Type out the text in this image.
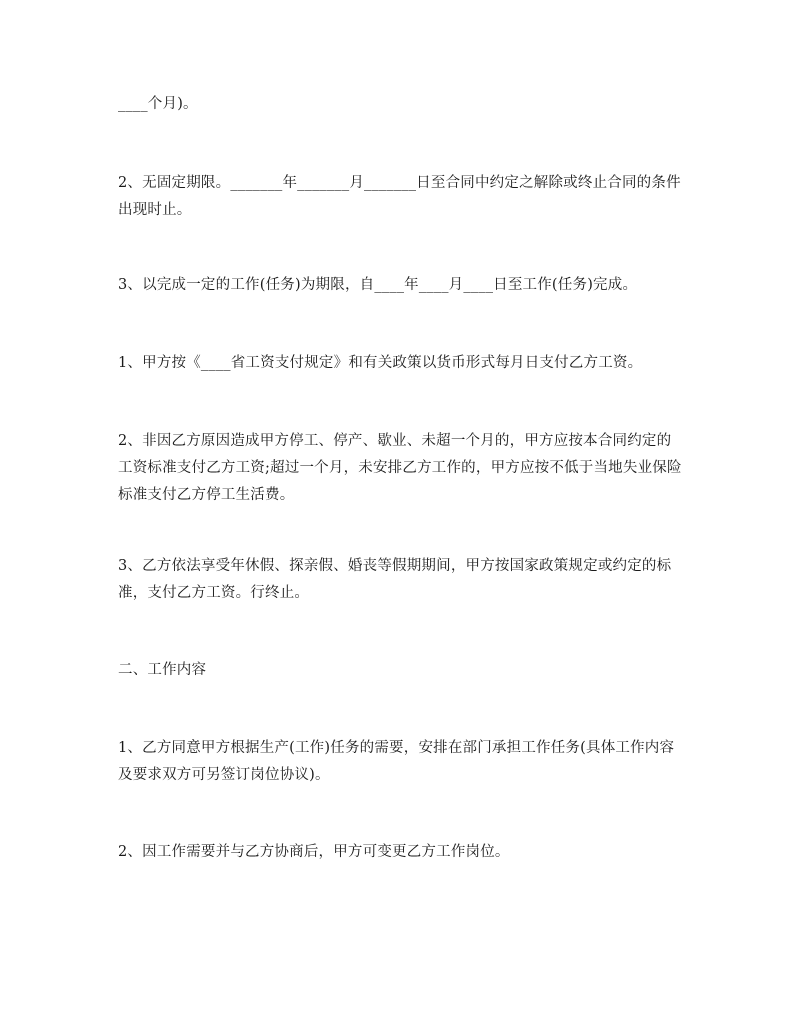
____个月)。

2、无固定期限。_______年_______月_______日至合同中约定之解除或终止合同的条件出现时止。

3、以完成一定的工作(任务)为期限，自____年____月____日至工作(任务)完成。

1、甲方按《____省工资支付规定》和有关政策以货币形式每月日支付乙方工资。

2、非因乙方原因造成甲方停工、停产、歇业、未超一个月的，甲方应按本合同约定的工资标准支付乙方工资;超过一个月，未安排乙方工作的，甲方应按不低于当地失业保险标准支付乙方停工生活费。

3、乙方依法享受年休假、探亲假、婚丧等假期期间，甲方按国家政策规定或约定的标准，支付乙方工资。行终止。

二、工作内容

1、乙方同意甲方根据生产(工作)任务的需要，安排在部门承担工作任务(具体工作内容及要求双方可另签订岗位协议)。

2、因工作需要并与乙方协商后，甲方可变更乙方工作岗位。
